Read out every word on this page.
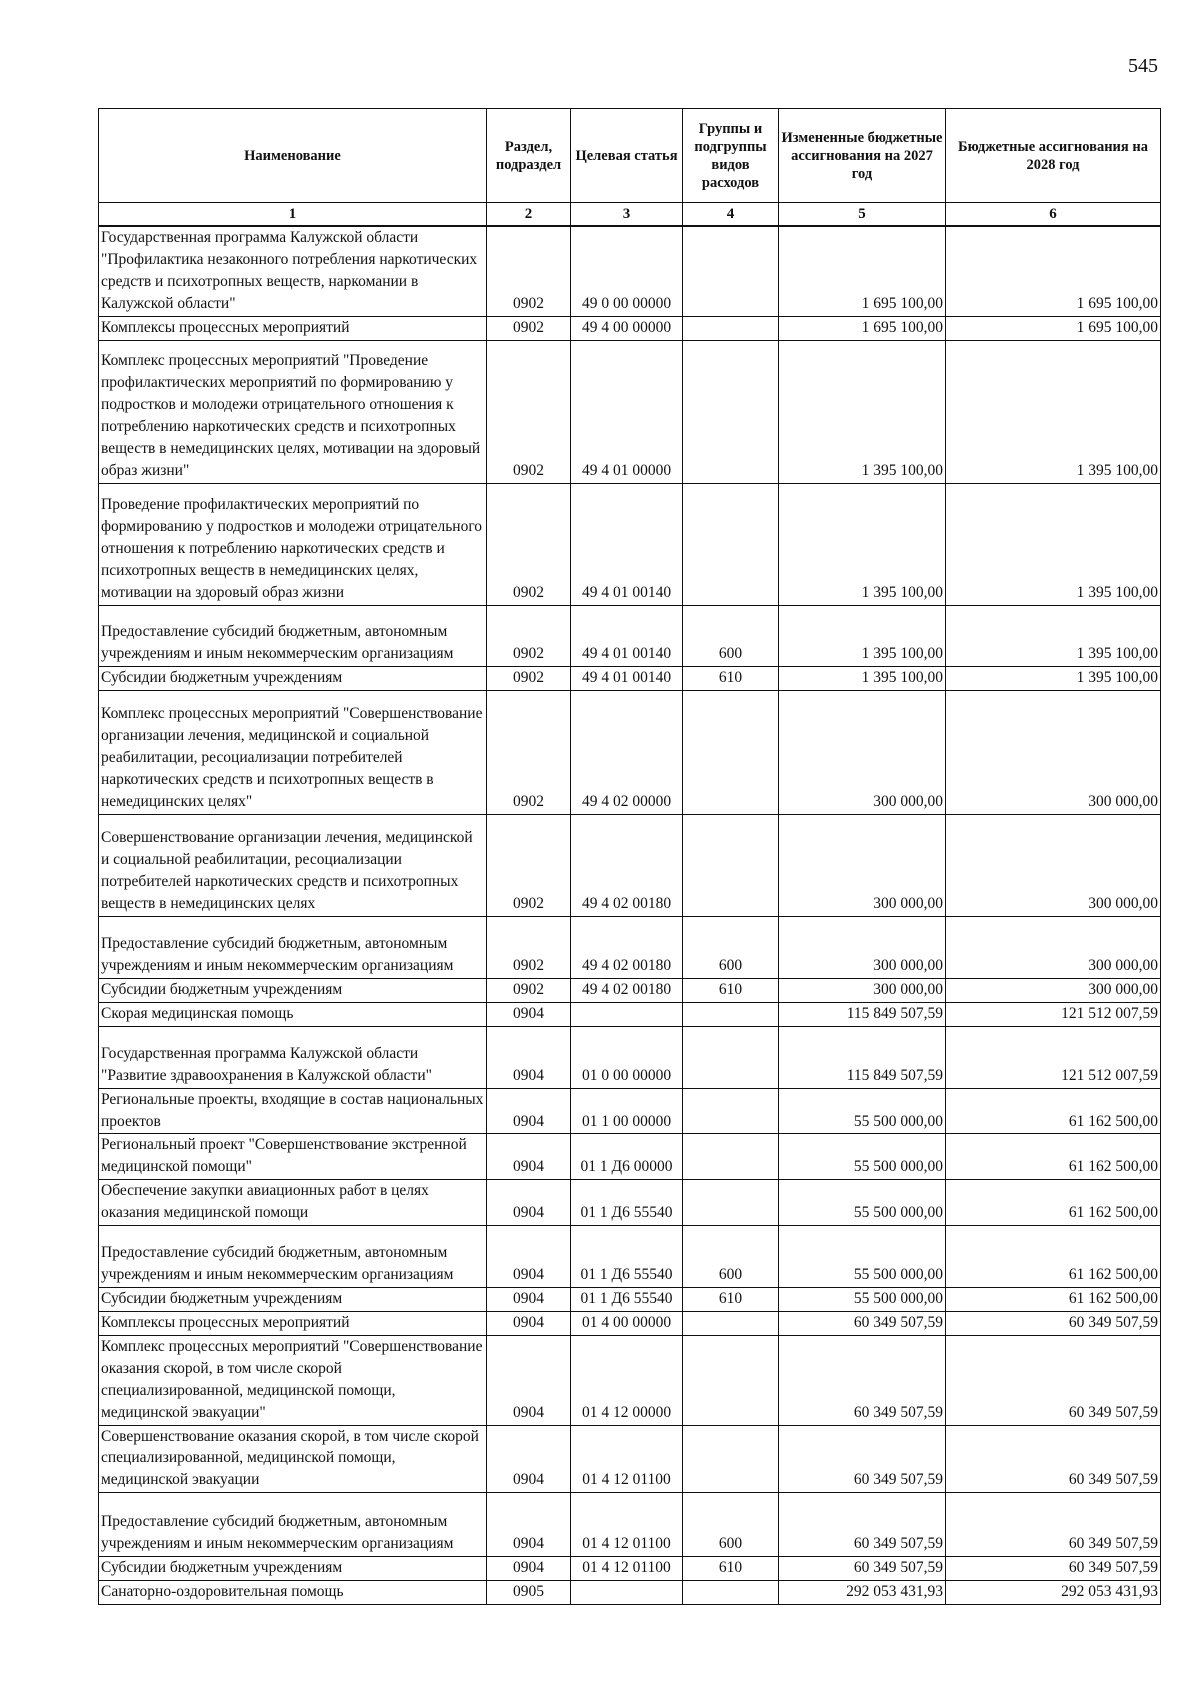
545
Наименование	Раздел, подраздел	Целевая статья	Группы и подгруппы видов расходов	Измененные бюджетные ассигнования на 2027 год	Бюджетные ассигнования на 2028 год
1	2	3	4	5	6
Государственная программа Калужской области "Профилактика незаконного потребления наркотических средств и психотропных веществ, наркомании в Калужской области"	0902	49 0 00 00000		1 695 100,00	1 695 100,00
Комплексы процессных мероприятий	0902	49 4 00 00000		1 695 100,00	1 695 100,00
Комплекс процессных мероприятий "Проведение профилактических мероприятий по формированию у подростков и молодежи отрицательного отношения к потреблению наркотических средств и психотропных веществ в немедицинских целях, мотивации на здоровый образ жизни"	0902	49 4 01 00000		1 395 100,00	1 395 100,00
Проведение профилактических мероприятий по формированию у подростков и молодежи отрицательного отношения к потреблению наркотических средств и психотропных веществ в немедицинских целях, мотивации на здоровый образ жизни	0902	49 4 01 00140		1 395 100,00	1 395 100,00
Предоставление субсидий бюджетным, автономным учреждениям и иным некоммерческим организациям	0902	49 4 01 00140	600	1 395 100,00	1 395 100,00
Субсидии бюджетным учреждениям	0902	49 4 01 00140	610	1 395 100,00	1 395 100,00
Комплекс процессных мероприятий "Совершенствование организации лечения, медицинской и социальной реабилитации, ресоциализации потребителей наркотических средств и психотропных веществ в немедицинских целях"	0902	49 4 02 00000		300 000,00	300 000,00
Совершенствование организации лечения, медицинской и социальной реабилитации, ресоциализации потребителей наркотических средств и психотропных веществ в немедицинских целях	0902	49 4 02 00180		300 000,00	300 000,00
Предоставление субсидий бюджетным, автономным учреждениям и иным некоммерческим организациям	0902	49 4 02 00180	600	300 000,00	300 000,00
Субсидии бюджетным учреждениям	0902	49 4 02 00180	610	300 000,00	300 000,00
Скорая медицинская помощь	0904			115 849 507,59	121 512 007,59
Государственная программа Калужской области "Развитие здравоохранения в Калужской области"	0904	01 0 00 00000		115 849 507,59	121 512 007,59
Региональные проекты, входящие в состав национальных проектов	0904	01 1 00 00000		55 500 000,00	61 162 500,00
Региональный проект "Совершенствование экстренной медицинской помощи"	0904	01 1 Д6 00000		55 500 000,00	61 162 500,00
Обеспечение закупки авиационных работ в целях оказания медицинской помощи	0904	01 1 Д6 55540		55 500 000,00	61 162 500,00
Предоставление субсидий бюджетным, автономным учреждениям и иным некоммерческим организациям	0904	01 1 Д6 55540	600	55 500 000,00	61 162 500,00
Субсидии бюджетным учреждениям	0904	01 1 Д6 55540	610	55 500 000,00	61 162 500,00
Комплексы процессных мероприятий	0904	01 4 00 00000		60 349 507,59	60 349 507,59
Комплекс процессных мероприятий "Совершенствование оказания скорой, в том числе скорой специализированной, медицинской помощи, медицинской эвакуации"	0904	01 4 12 00000		60 349 507,59	60 349 507,59
Совершенствование оказания скорой, в том числе скорой специализированной, медицинской помощи, медицинской эвакуации	0904	01 4 12 01100		60 349 507,59	60 349 507,59
Предоставление субсидий бюджетным, автономным учреждениям и иным некоммерческим организациям	0904	01 4 12 01100	600	60 349 507,59	60 349 507,59
Субсидии бюджетным учреждениям	0904	01 4 12 01100	610	60 349 507,59	60 349 507,59
Санаторно-оздоровительная помощь	0905			292 053 431,93	292 053 431,93
